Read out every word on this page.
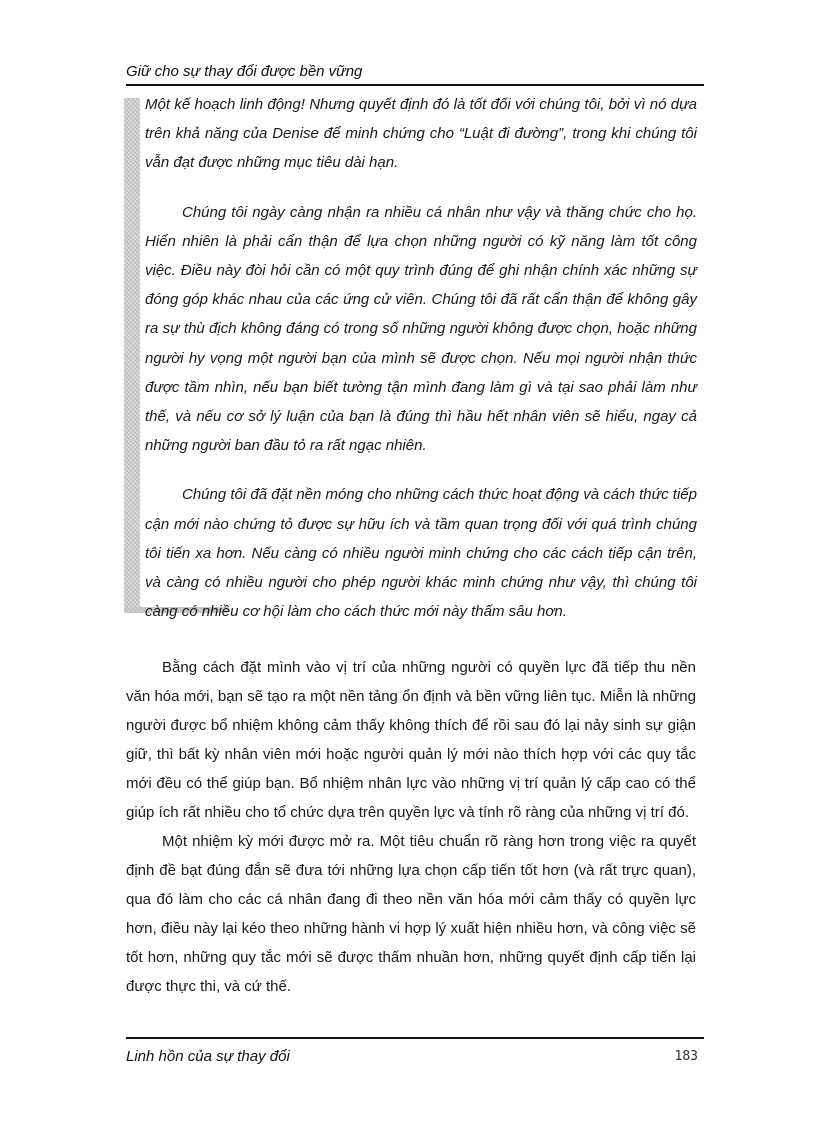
Giữ cho sự thay đổi được bền vững

Một kế hoạch linh động! Nhưng quyết định đó là tốt đối với chúng tôi, bởi vì nó dựa trên khả năng của Denise để minh chứng cho “Luật đi đường”, trong khi chúng tôi vẫn đạt được những mục tiêu dài hạn.

Chúng tôi ngày càng nhận ra nhiều cá nhân như vậy và thăng chức cho họ. Hiển nhiên là phải cẩn thận để lựa chọn những người có kỹ năng làm tốt công việc. Điều này đòi hỏi cần có một quy trình đúng để ghi nhận chính xác những sự đóng góp khác nhau của các ứng cử viên. Chúng tôi đã rất cẩn thận để không gây ra sự thù địch không đáng có trong số những người không được chọn, hoặc những người hy vọng một người bạn của mình sẽ được chọn. Nếu mọi người nhận thức được tầm nhìn, nếu bạn biết tường tận mình đang làm gì và tại sao phải làm như thế, và nếu cơ sở lý luận của bạn là đúng thì hầu hết nhân viên sẽ hiểu, ngay cả những người ban đầu tỏ ra rất ngạc nhiên.

Chúng tôi đã đặt nền móng cho những cách thức hoạt động và cách thức tiếp cận mới nào chứng tỏ được sự hữu ích và tầm quan trọng đối với quá trình chúng tôi tiến xa hơn. Nếu càng có nhiều người minh chứng cho các cách tiếp cận trên, và càng có nhiều người cho phép người khác minh chứng như vậy, thì chúng tôi càng có nhiều cơ hội làm cho cách thức mới này thấm sâu hơn.

Bằng cách đặt mình vào vị trí của những người có quyền lực đã tiếp thu nền văn hóa mới, bạn sẽ tạo ra một nền tảng ổn định và bền vững liên tục. Miễn là những người được bổ nhiệm không cảm thấy không thích để rồi sau đó lại nảy sinh sự giận giữ, thì bất kỳ nhân viên mới hoặc người quản lý mới nào thích hợp với các quy tắc mới đều có thể giúp bạn. Bổ nhiệm nhân lực vào những vị trí quản lý cấp cao có thể giúp ích rất nhiều cho tổ chức dựa trên quyền lực và tính rõ ràng của những vị trí đó.

Một nhiệm kỳ mới được mở ra. Một tiêu chuẩn rõ ràng hơn trong việc ra quyết định đề bạt đúng đắn sẽ đưa tới những lựa chọn cấp tiến tốt hơn (và rất trực quan), qua đó làm cho các cá nhân đang đi theo nền văn hóa mới cảm thấy có quyền lực hơn, điều này lại kéo theo những hành vi hợp lý xuất hiện nhiều hơn, và công việc sẽ tốt hơn, những quy tắc mới sẽ được thấm nhuần hơn, những quyết định cấp tiến lại được thực thi, và cứ thế.

Linh hồn của sự thay đổi	183
